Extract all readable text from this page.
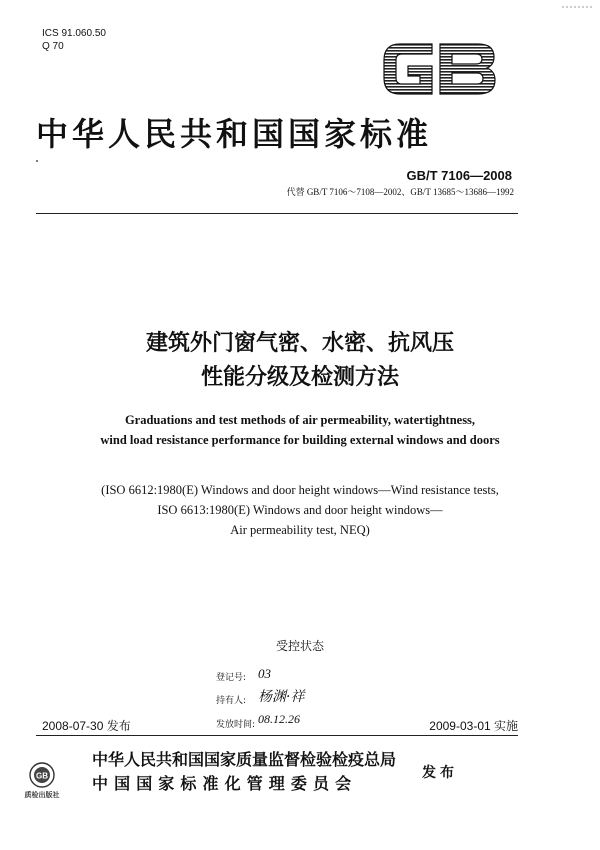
ICS 91.060.50
Q 70
中华人民共和国国家标准
GB/T 7106—2008
代替 GB/T 7106～7108—2002、GB/T 13685～13686—1992
建筑外门窗气密、水密、抗风压
性能分级及检测方法
Graduations and test methods of air permeability, watertightness,
wind load resistance performance for building external windows and doors
(ISO 6612:1980(E) Windows and door height windows—Wind resistance tests,
ISO 6613:1980(E) Windows and door height windows—
Air permeability test, NEQ)
受控状态
登记号: 03
持有人: 杨渊·祥
发放时间: 08.12.26
2008-07-30 发布	2009-03-01 实施
GB
质检出版社
中华人民共和国国家质量监督检验检疫总局
中国国家标准化管理委员会
发布
